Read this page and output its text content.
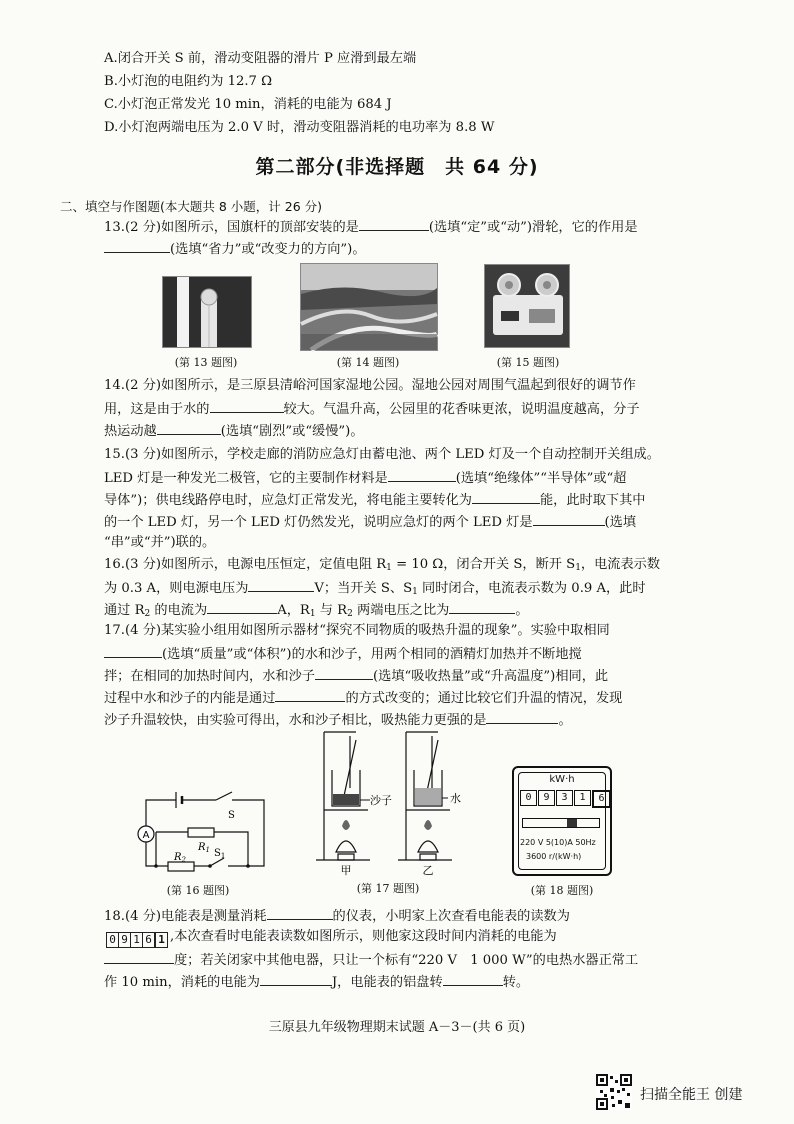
A.闭合开关 S 前，滑动变阻器的滑片 P 应滑到最左端
B.小灯泡的电阻约为 12.7 Ω
C.小灯泡正常发光 10 min，消耗的电能为 684 J
D.小灯泡两端电压为 2.0 V 时，滑动变阻器消耗的电功率为 8.8 W
第二部分(非选择题　共 64 分)
二、填空与作图题(本大题共 8 小题，计 26 分)
13.(2 分)如图所示，国旗杆的顶部安装的是	(选填“定”或“动”)滑轮，它的作用是
(选填“省力”或“改变力的方向”)。
(第 13 题图)	(第 14 题图)	(第 15 题图)
14.(2 分)如图所示，是三原县清峪河国家湿地公园。湿地公园对周围气温起到很好的调节作
用，这是由于水的	较大。气温升高，公园里的花香味更浓，说明温度越高，分子
热运动越	(选填“剧烈”或“缓慢”)。
15.(3 分)如图所示，学校走廊的消防应急灯由蓄电池、两个 LED 灯及一个自动控制开关组成。
LED 灯是一种发光二极管，它的主要制作材料是	(选填“绝缘体”“半导体”或“超
导体”)；供电线路停电时，应急灯正常发光，将电能主要转化为	能，此时取下其中
的一个 LED 灯，另一个 LED 灯仍然发光，说明应急灯的两个 LED 灯是	(选填
“串”或“并”)联的。
16.(3 分)如图所示，电源电压恒定，定值电阻 $R_1 = 10$ Ω，闭合开关 S，断开 $S_1$，电流表示数
为 0.3 A，则电源电压为	V；当开关 S、$S_1$ 同时闭合，电流表示数为 0.9 A，此时
通过 $R_2$ 的电流为	A，$R_1$ 与 $R_2$ 两端电压之比为	。
17.(4 分)某实验小组用如图所示器材“探究不同物质的吸热升温的现象”。实验中取相同
(选填“质量”或“体积”)的水和沙子，用两个相同的酒精灯加热并不断地搅
拌；在相同的加热时间内，水和沙子	(选填“吸收热量”或“升高温度”)相同，此
过程中水和沙子的内能是通过	的方式改变的；通过比较它们升温的情况，发现
沙子升温较快，由实验可得出，水和沙子相比，吸热能力更强的是	。
A
S
$R_1$
$R_2$
$S_1$
(第 16 题图)
沙子	水
甲	乙
(第 17 题图)
kW·h
0	9	3	1	6
220 V 5(10)A 50Hz
3600 r/(kW·h)
(第 18 题图)
18.(4 分)电能表是测量消耗	的仪表，小明家上次查看电能表的读数为
0 9 1 6 1 ,本次查看时电能表读数如图所示，则他家这段时间内消耗的电能为
度；若关闭家中其他电器，只让一个标有“220 V　1 000 W”的电热水器正常工
作 10 min，消耗的电能为	J，电能表的铝盘转	转。
三原县九年级物理期末试题 A－3－(共 6 页)
扫描全能王 创建
